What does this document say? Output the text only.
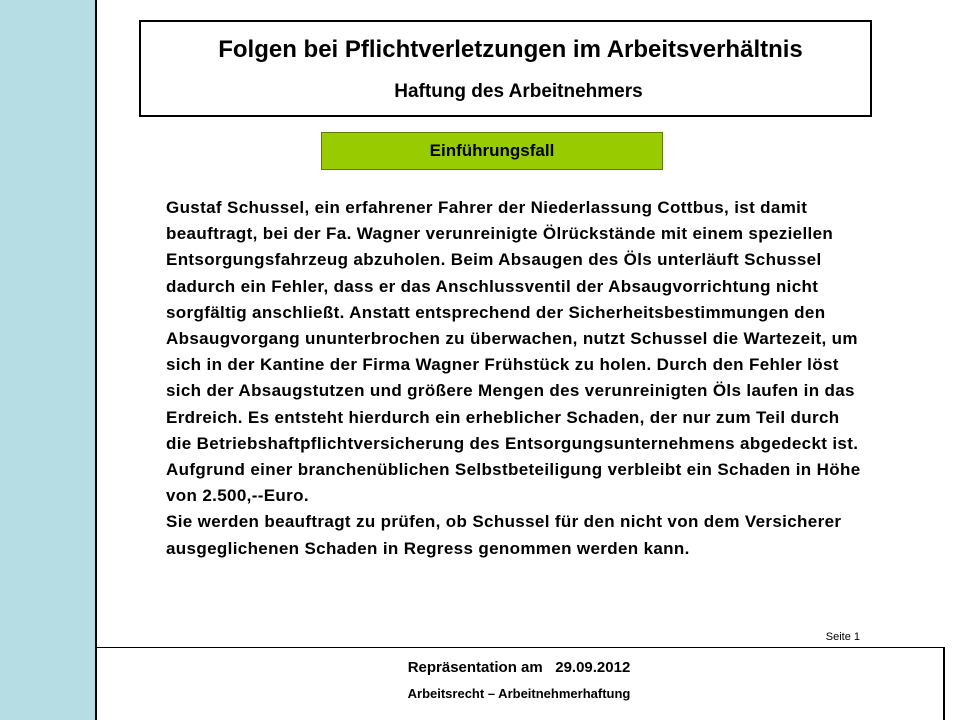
Folgen bei Pflichtverletzungen im Arbeitsverhältnis
Haftung des Arbeitnehmers
Einführungsfall

Gustaf Schussel, ein erfahrener Fahrer der Niederlassung Cottbus, ist damit beauftragt, bei der Fa. Wagner verunreinigte Ölrückstände mit einem speziellen Entsorgungsfahrzeug abzuholen. Beim Absaugen des Öls unterläuft Schussel dadurch ein Fehler, dass er das Anschlussventil der Absaugvorrichtung nicht sorgfältig anschließt. Anstatt entsprechend der Sicherheitsbestimmungen den Absaugvorgang ununterbrochen zu überwachen, nutzt Schussel die Wartezeit, um sich in der Kantine der Firma Wagner Frühstück zu holen. Durch den Fehler löst sich der Absaugstutzen und größere Mengen des verunreinigten Öls laufen in das Erdreich. Es entsteht hierdurch ein erheblicher Schaden, der nur zum Teil durch die Betriebshaftpflichtversicherung des Entsorgungsunternehmens abgedeckt ist. Aufgrund einer branchenüblichen Selbstbeteiligung verbleibt ein Schaden in Höhe von 2.500,--Euro.

Sie werden beauftragt zu prüfen, ob Schussel für den nicht von dem Versicherer ausgeglichenen Schaden in Regress genommen werden kann.

Seite 1
Repräsentation am   29.09.2012
Arbeitsrecht – Arbeitnehmerhaftung
